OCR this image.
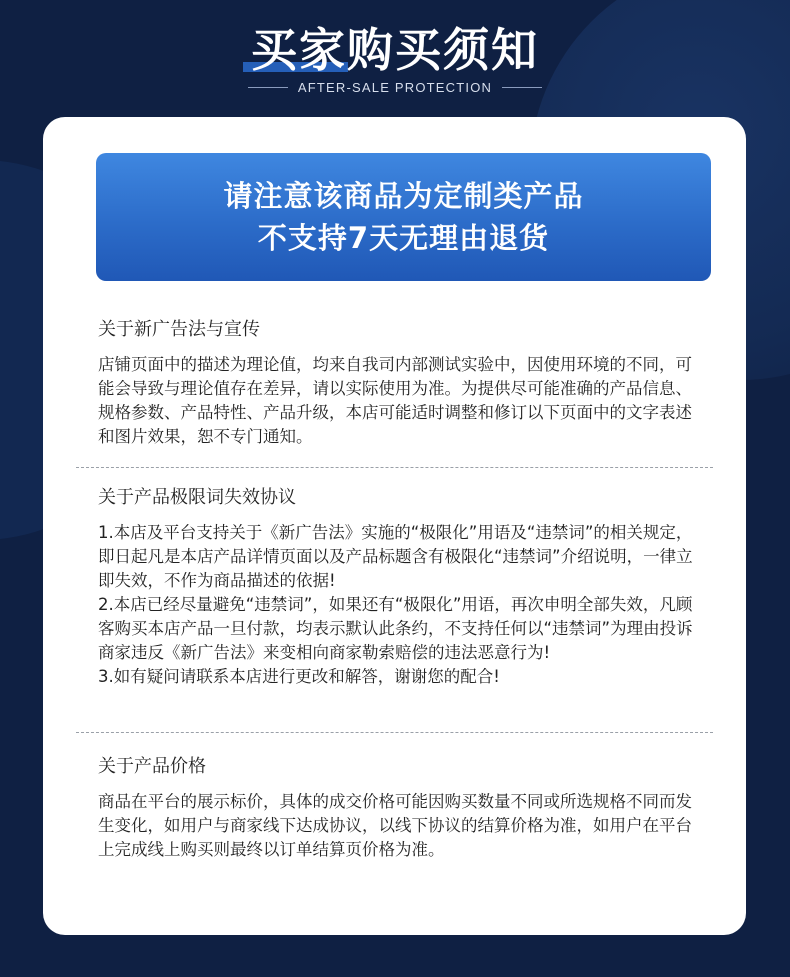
买家购买须知
AFTER-SALE PROTECTION
请注意该商品为定制类产品
不支持7天无理由退货
关于新广告法与宣传

店铺页面中的描述为理论值，均来自我司内部测试实验中，因使用环境的不同，可能会导致与理论值存在差异，请以实际使用为准。为提供尽可能准确的产品信息、规格参数、产品特性、产品升级，本店可能适时调整和修订以下页面中的文字表述和图片效果，恕不专门通知。

关于产品极限词失效协议

1.本店及平台支持关于《新广告法》实施的“极限化”用语及“违禁词”的相关规定，即日起凡是本店产品详情页面以及产品标题含有极限化“违禁词”介绍说明，一律立即失效，不作为商品描述的依据!

2.本店已经尽量避免“违禁词”，如果还有“极限化”用语，再次申明全部失效，凡顾客购买本店产品一旦付款，均表示默认此条约，不支持任何以“违禁词”为理由投诉商家违反《新广告法》来变相向商家勒索赔偿的违法恶意行为!

3.如有疑问请联系本店进行更改和解答，谢谢您的配合!

关于产品价格

商品在平台的展示标价，具体的成交价格可能因购买数量不同或所选规格不同而发生变化，如用户与商家线下达成协议，以线下协议的结算价格为准，如用户在平台上完成线上购买则最终以订单结算页价格为准。
